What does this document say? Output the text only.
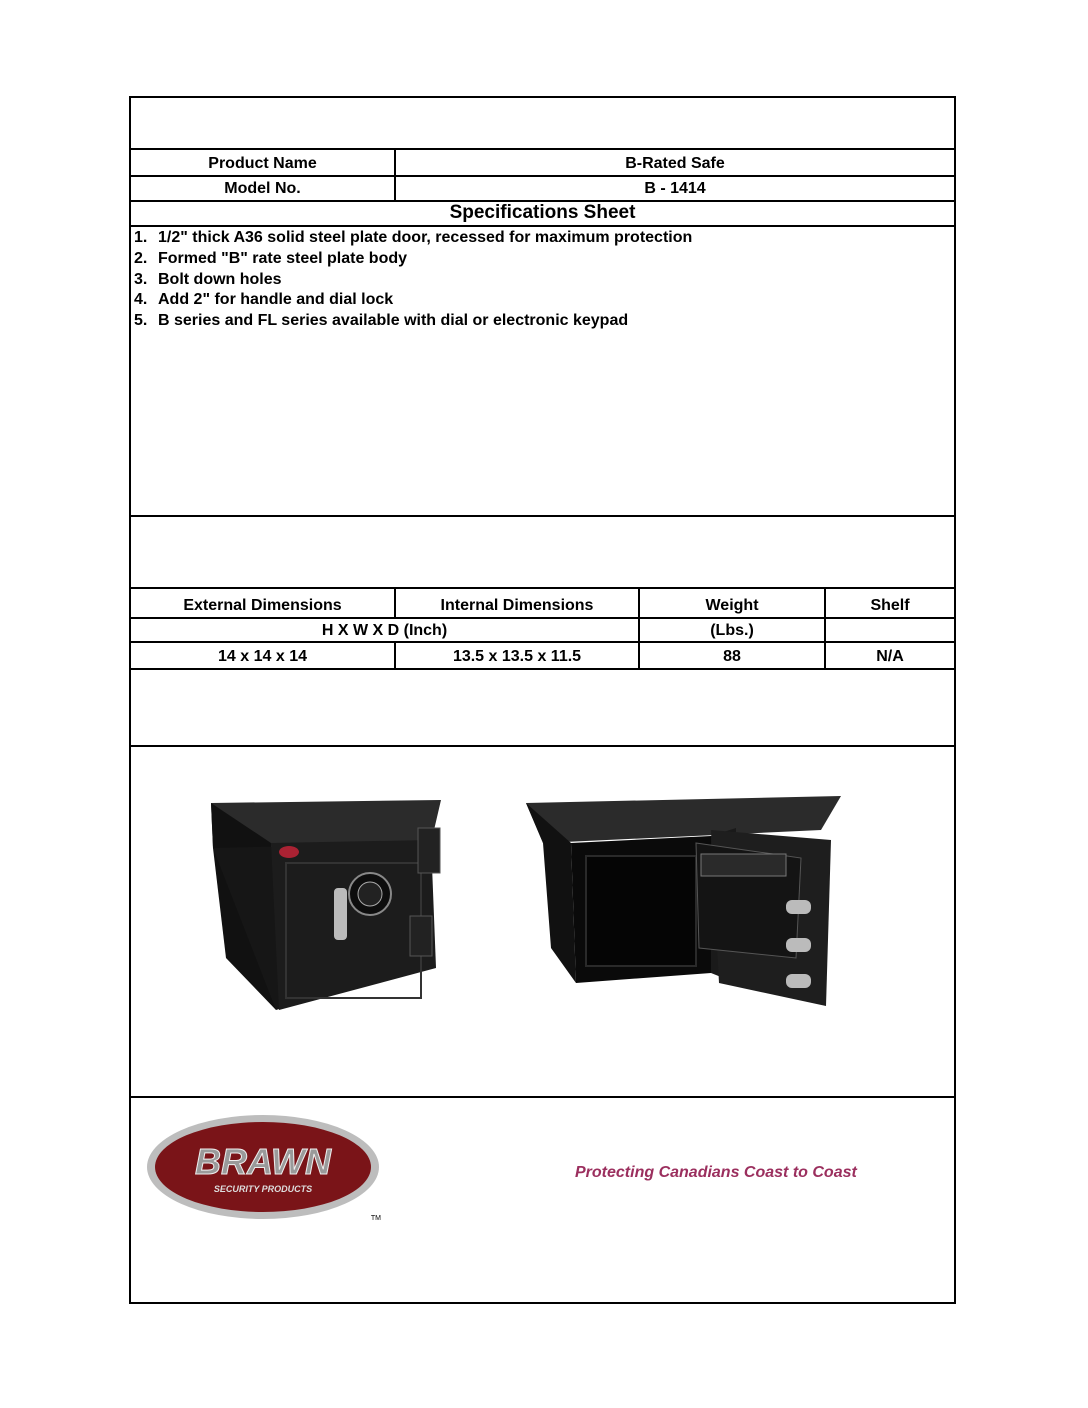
Product Name	B-Rated Safe
Model No.	B - 1414
Specifications Sheet
1. 1/2" thick A36 solid steel plate door, recessed for maximum protection
2. Formed "B" rate steel plate body
3. Bolt down holes
4. Add 2" for handle and dial lock
5. B series and FL series available with dial or electronic keypad
External Dimensions	Internal Dimensions	Weight	Shelf
H X W X D (Inch)	(Lbs.)
14 x 14 x 14	13.5 x 13.5 x 11.5	88	N/A
BRAWN
SECURITY PRODUCTS
TM
Protecting Canadians Coast to Coast
